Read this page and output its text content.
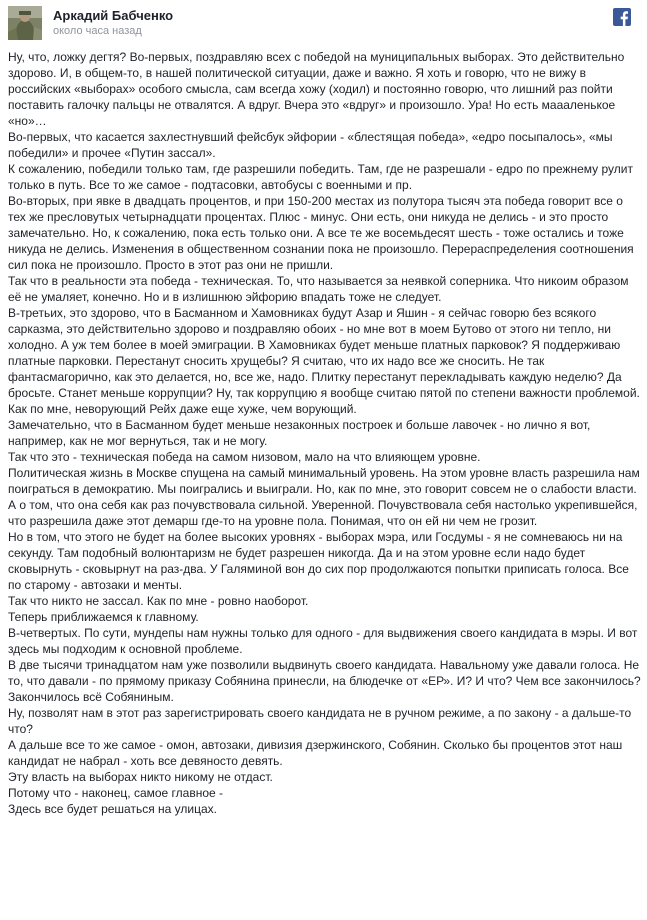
Аркадий Бабченко
около часа назад

Ну, что, ложку дегтя? Во-первых, поздравляю всех с победой на муниципальных выборах. Это действительно здорово. И, в общем-то, в нашей политической ситуации, даже и важно. Я хоть и говорю, что не вижу в российских «выборах» особого смысла, сам всегда хожу (ходил) и постоянно говорю, что лишний раз пойти поставить галочку пальцы не отвалятся. А вдруг. Вчера это «вдруг» и произошло. Ура! Но есть маааленькое «но»…

Во-первых, что касается захлестнувший фейсбук эйфории - «блестящая победа», «едро посыпалось», «мы победили» и прочее «Путин зассал».

К сожалению, победили только там, где разрешили победить. Там, где не разрешали - едро по прежнему рулит только в путь. Все то же самое - подтасовки, автобусы с военными и пр.

Во-вторых, при явке в двадцать процентов, и при 150-200 местах из полутора тысяч эта победа говорит все о тех же пресловутых четырнадцати процентах. Плюс - минус. Они есть, они никуда не делись - и это просто замечательно. Но, к сожалению, пока есть только они. А все те же восемьдесят шесть - тоже остались и тоже никуда не делись. Изменения в общественном сознании пока не произошло. Перераспределения соотношения сил пока не произошло. Просто в этот раз они не пришли.

Так что в реальности эта победа - техническая. То, что называется за неявкой соперника. Что никоим образом её не умаляет, конечно. Но и в излишнюю эйфорию впадать тоже не следует.

В-третьих, это здорово, что в Басманном и Хамовниках будут Азар и Яшин - я сейчас говорю без всякого сарказма, это действительно здорово и поздравляю обоих - но мне вот в моем Бутово от этого ни тепло, ни холодно. А уж тем более в моей эмиграции. В Хамовниках будет меньше платных парковок? Я поддерживаю платные парковки. Перестанут сносить хрущебы? Я считаю, что их надо все же сносить. Не так фантасмагорично, как это делается, но, все же, надо. Плитку перестанут перекладывать каждую неделю? Да бросьте. Станет меньше коррупции? Ну, так коррупцию я вообще считаю пятой по степени важности проблемой. Как по мне, неворующий Рейх даже еще хуже, чем ворующий.

Замечательно, что в Басманном будет меньше незаконных построек и больше лавочек - но лично я вот, например, как не мог вернуться, так и не могу.

Так что это - техническая победа на самом низовом, мало на что влияющем уровне.

Политическая жизнь в Москве спущена на самый минимальный уровень. На этом уровне власть разрешила нам поиграться в демократию. Мы поигрались и выиграли. Но, как по мне, это говорит совсем не о слабости власти. А о том, что она себя как раз почувствовала сильной. Уверенной. Почувствовала себя настолько укрепившейся, что разрешила даже этот демарш где-то на уровне пола. Понимая, что он ей ни чем не грозит.

Но в том, что этого не будет на более высоких уровнях - выборах мэра, или Госдумы - я не сомневаюсь ни на секунду. Там подобный волюнтаризм не будет разрешен никогда. Да и на этом уровне если надо будет сковырнуть - сковырнут на раз-два. У Галяминой вон до сих пор продолжаются попытки приписать голоса. Все по старому - автозаки и менты.

Так что никто не зассал. Как по мне - ровно наоборот.

Теперь приближаемся к главному.

В-четвертых. По сути, мундепы нам нужны только для одного - для выдвижения своего кандидата в мэры. И вот здесь мы подходим к основной проблеме.

В две тысячи тринадцатом нам уже позволили выдвинуть своего кандидата. Навальному уже давали голоса. Не то, что давали - по прямому приказу Собянина принесли, на блюдечке от «ЕР». И? И что? Чем все закончилось?

Закончилось всё Собяниным.

Ну, позволят нам в этот раз зарегистрировать своего кандидата не в ручном режиме, а по закону - а дальше-то что?

А дальше все то же самое - омон, автозаки, дивизия дзержинского, Собянин. Сколько бы процентов этот наш кандидат не набрал - хоть все девяносто девять.

Эту власть на выборах никто никому не отдаст.

Потому что - наконец, самое главное -

Здесь все будет решаться на улицах.
